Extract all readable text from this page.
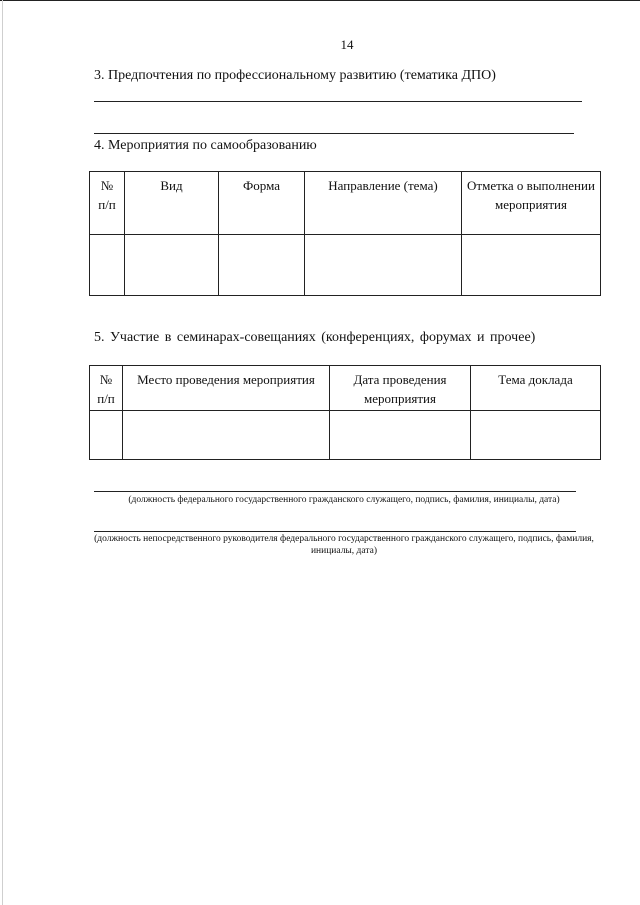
14
3. Предпочтения по профессиональному развитию (тематика ДПО)
4. Мероприятия по самообразованию
№ п/п	Вид	Форма	Направление (тема)	Отметка о выполнении мероприятия

5. Участие в семинарах-совещаниях (конференциях, форумах и прочее)
№ п/п	Место проведения мероприятия	Дата проведения мероприятия	Тема доклада

(должность федерального государственного гражданского служащего, подпись, фамилия, инициалы, дата)
(должность непосредственного руководителя федерального государственного гражданского служащего, подпись, фамилия, инициалы, дата)
